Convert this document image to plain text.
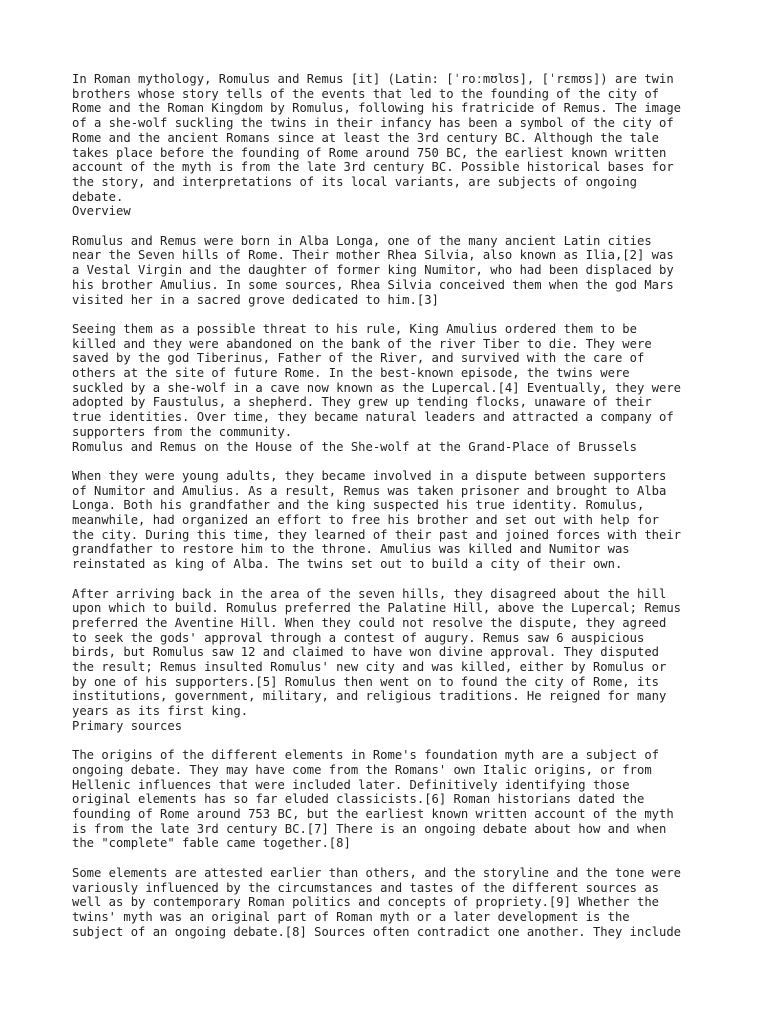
In Roman mythology, Romulus and Remus [it] (Latin: [ˈroːmʊlʊs], [ˈrɛmʊs]) are twin
brothers whose story tells of the events that led to the founding of the city of
Rome and the Roman Kingdom by Romulus, following his fratricide of Remus. The image
of a she-wolf suckling the twins in their infancy has been a symbol of the city of
Rome and the ancient Romans since at least the 3rd century BC. Although the tale
takes place before the founding of Rome around 750 BC, the earliest known written
account of the myth is from the late 3rd century BC. Possible historical bases for
the story, and interpretations of its local variants, are subjects of ongoing
debate.

Overview

Romulus and Remus were born in Alba Longa, one of the many ancient Latin cities
near the Seven hills of Rome. Their mother Rhea Silvia, also known as Ilia,[2] was
a Vestal Virgin and the daughter of former king Numitor, who had been displaced by
his brother Amulius. In some sources, Rhea Silvia conceived them when the god Mars
visited her in a sacred grove dedicated to him.[3]

Seeing them as a possible threat to his rule, King Amulius ordered them to be
killed and they were abandoned on the bank of the river Tiber to die. They were
saved by the god Tiberinus, Father of the River, and survived with the care of
others at the site of future Rome. In the best-known episode, the twins were
suckled by a she-wolf in a cave now known as the Lupercal.[4] Eventually, they were
adopted by Faustulus, a shepherd. They grew up tending flocks, unaware of their
true identities. Over time, they became natural leaders and attracted a company of
supporters from the community.

Romulus and Remus on the House of the She-wolf at the Grand-Place of Brussels

When they were young adults, they became involved in a dispute between supporters
of Numitor and Amulius. As a result, Remus was taken prisoner and brought to Alba
Longa. Both his grandfather and the king suspected his true identity. Romulus,
meanwhile, had organized an effort to free his brother and set out with help for
the city. During this time, they learned of their past and joined forces with their
grandfather to restore him to the throne. Amulius was killed and Numitor was
reinstated as king of Alba. The twins set out to build a city of their own.

After arriving back in the area of the seven hills, they disagreed about the hill
upon which to build. Romulus preferred the Palatine Hill, above the Lupercal; Remus
preferred the Aventine Hill. When they could not resolve the dispute, they agreed
to seek the gods' approval through a contest of augury. Remus saw 6 auspicious
birds, but Romulus saw 12 and claimed to have won divine approval. They disputed
the result; Remus insulted Romulus' new city and was killed, either by Romulus or
by one of his supporters.[5] Romulus then went on to found the city of Rome, its
institutions, government, military, and religious traditions. He reigned for many
years as its first king.

Primary sources

The origins of the different elements in Rome's foundation myth are a subject of
ongoing debate. They may have come from the Romans' own Italic origins, or from
Hellenic influences that were included later. Definitively identifying those
original elements has so far eluded classicists.[6] Roman historians dated the
founding of Rome around 753 BC, but the earliest known written account of the myth
is from the late 3rd century BC.[7] There is an ongoing debate about how and when
the "complete" fable came together.[8]

Some elements are attested earlier than others, and the storyline and the tone were
variously influenced by the circumstances and tastes of the different sources as
well as by contemporary Roman politics and concepts of propriety.[9] Whether the
twins' myth was an original part of Roman myth or a later development is the
subject of an ongoing debate.[8] Sources often contradict one another. They include
